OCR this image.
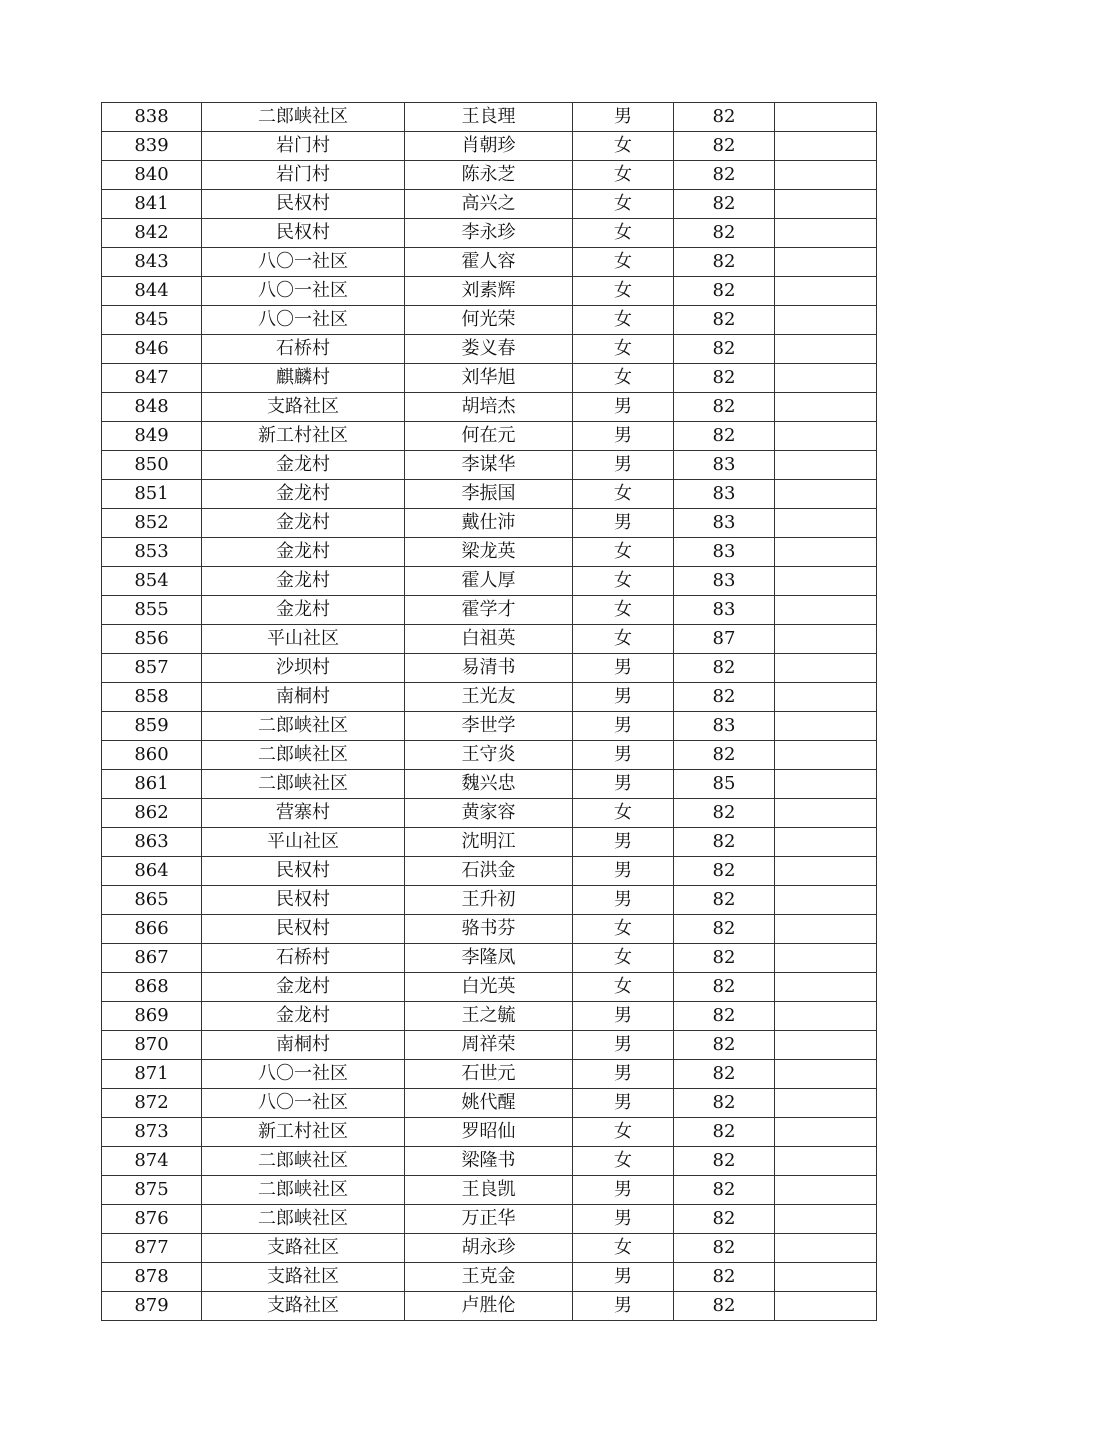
838	二郎峡社区	王良理	男	82	
839	岩门村	肖朝珍	女	82	
840	岩门村	陈永芝	女	82	
841	民权村	高兴之	女	82	
842	民权村	李永珍	女	82	
843	八〇一社区	霍人容	女	82	
844	八〇一社区	刘素辉	女	82	
845	八〇一社区	何光荣	女	82	
846	石桥村	娄义春	女	82	
847	麒麟村	刘华旭	女	82	
848	支路社区	胡培杰	男	82	
849	新工村社区	何在元	男	82	
850	金龙村	李谋华	男	83	
851	金龙村	李振国	女	83	
852	金龙村	戴仕沛	男	83	
853	金龙村	梁龙英	女	83	
854	金龙村	霍人厚	女	83	
855	金龙村	霍学才	女	83	
856	平山社区	白祖英	女	87	
857	沙坝村	易清书	男	82	
858	南桐村	王光友	男	82	
859	二郎峡社区	李世学	男	83	
860	二郎峡社区	王守炎	男	82	
861	二郎峡社区	魏兴忠	男	85	
862	营寨村	黄家容	女	82	
863	平山社区	沈明江	男	82	
864	民权村	石洪金	男	82	
865	民权村	王升初	男	82	
866	民权村	骆书芬	女	82	
867	石桥村	李隆凤	女	82	
868	金龙村	白光英	女	82	
869	金龙村	王之毓	男	82	
870	南桐村	周祥荣	男	82	
871	八〇一社区	石世元	男	82	
872	八〇一社区	姚代醒	男	82	
873	新工村社区	罗昭仙	女	82	
874	二郎峡社区	梁隆书	女	82	
875	二郎峡社区	王良凯	男	82	
876	二郎峡社区	万正华	男	82	
877	支路社区	胡永珍	女	82	
878	支路社区	王克金	男	82	
879	支路社区	卢胜伦	男	82	
